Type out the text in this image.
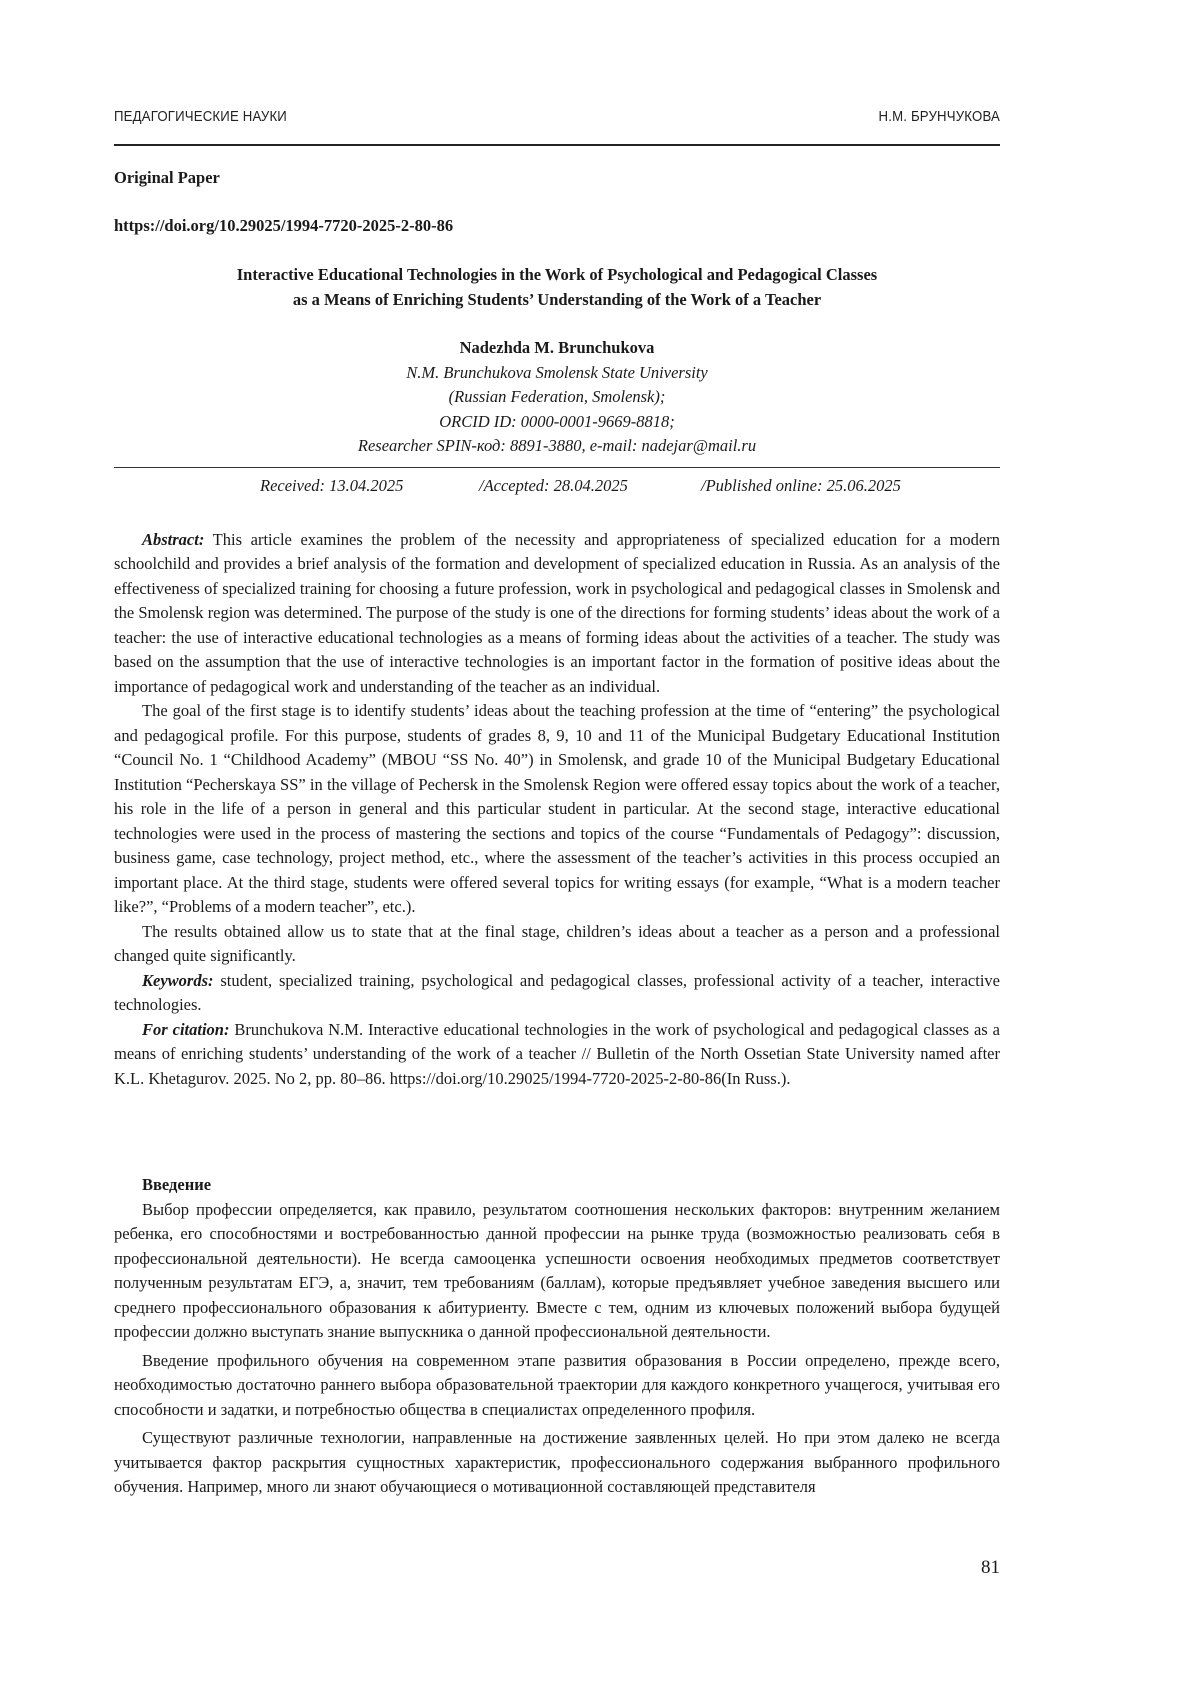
ПЕДАГОГИЧЕСКИЕ НАУКИ	Н.М. БРУНЧУКОВА
Original Paper
https://doi.org/10.29025/1994-7720-2025-2-80-86
Interactive Educational Technologies in the Work of Psychological and Pedagogical Classes
as a Means of Enriching Students’ Understanding of the Work of a Teacher
Nadezhda M. Brunchukova
N.M. Brunchukova Smolensk State University
(Russian Federation, Smolensk);
ORCID ID: 0000-0001-9669-8818;
Researcher SPIN-код: 8891-3880, e-mail: nadejar@mail.ru
Received: 13.04.2025	/Accepted: 28.04.2025	/Published online: 25.06.2025

Abstract: This article examines the problem of the necessity and appropriateness of specialized education for a modern schoolchild and provides a brief analysis of the formation and development of specialized education in Russia. As an analysis of the effectiveness of specialized training for choosing a future profession, work in psychological and pedagogical classes in Smolensk and the Smolensk region was determined. The purpose of the study is one of the directions for forming students’ ideas about the work of a teacher: the use of interactive educational technologies as a means of forming ideas about the activities of a teacher. The study was based on the assumption that the use of interactive technologies is an important factor in the formation of positive ideas about the importance of pedagogical work and understanding of the teacher as an individual.

The goal of the first stage is to identify students’ ideas about the teaching profession at the time of “entering” the psychological and pedagogical profile. For this purpose, students of grades 8, 9, 10 and 11 of the Municipal Budgetary Educational Institution “Council No. 1 “Childhood Academy” (MBOU “SS No. 40”) in Smolensk, and grade 10 of the Municipal Budgetary Educational Institution “Pecherskaya SS” in the village of Pechersk in the Smolensk Region were offered essay topics about the work of a teacher, his role in the life of a person in general and this particular student in particular. At the second stage, interactive educational technologies were used in the process of mastering the sections and topics of the course “Fundamentals of Pedagogy”: discussion, business game, case technology, project method, etc., where the assessment of the teacher’s activities in this process occupied an important place. At the third stage, students were offered several topics for writing essays (for example, “What is a modern teacher like?”, “Problems of a modern teacher”, etc.).

The results obtained allow us to state that at the final stage, children’s ideas about a teacher as a person and a professional changed quite significantly.

Keywords: student, specialized training, psychological and pedagogical classes, professional activity of a teacher, interactive technologies.

For citation: Brunchukova N.M. Interactive educational technologies in the work of psychological and pedagogical classes as a means of enriching students’ understanding of the work of a teacher // Bulletin of the North Ossetian State University named after K.L. Khetagurov. 2025. No 2, pp. 80–86. https://doi.org/10.29025/1994-7720-2025-2-80-86(In Russ.).

Введение

Выбор профессии определяется, как правило, результатом соотношения нескольких факторов: внутренним желанием ребенка, его способностями и востребованностью данной профессии на рынке труда (возможностью реализовать себя в профессиональной деятельности). Не всегда самооценка успешности освоения необходимых предметов соответствует полученным результатам ЕГЭ, а, значит, тем требованиям (баллам), которые предъявляет учебное заведения высшего или среднего профессионального образования к абитуриенту. Вместе с тем, одним из ключевых положений выбора будущей профессии должно выступать знание выпускника о данной профессиональной деятельности.

Введение профильного обучения на современном этапе развития образования в России определено, прежде всего, необходимостью достаточно раннего выбора образовательной траектории для каждого конкретного учащегося, учитывая его способности и задатки, и потребностью общества в специалистах определенного профиля.

Существуют различные технологии, направленные на достижение заявленных целей. Но при этом далеко не всегда учитывается фактор раскрытия сущностных характеристик, профессионального содержания выбранного профильного обучения. Например, много ли знают обучающиеся о мотивационной составляющей представителя

81
